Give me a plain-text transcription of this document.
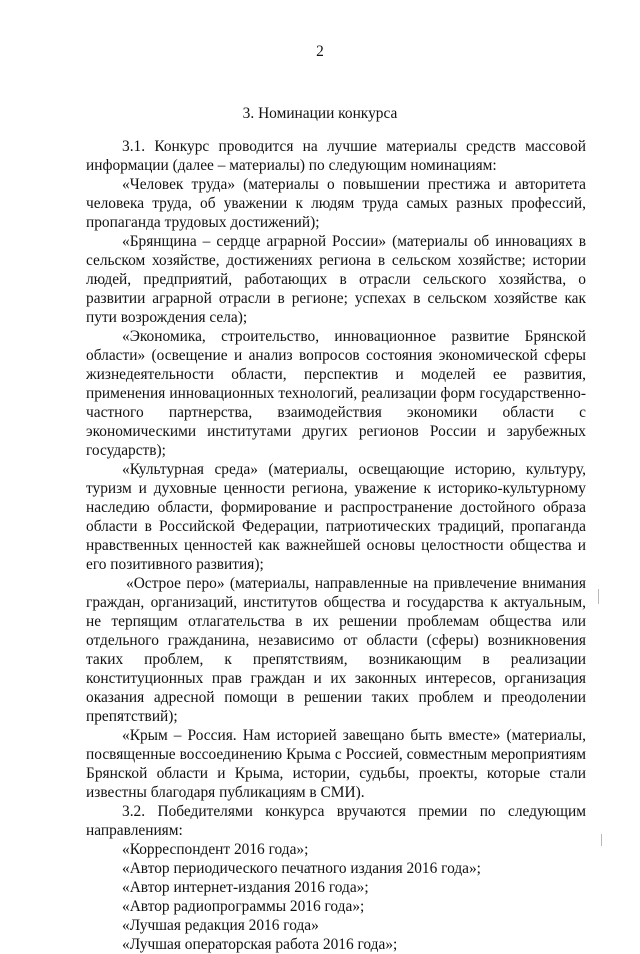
2
3. Номинации конкурса

3.1. Конкурс проводится на лучшие материалы средств массовой информации (далее – материалы) по следующим номинациям:

«Человек труда» (материалы о повышении престижа и авторитета человека труда, об уважении к людям труда самых разных профессий, пропаганда трудовых достижений);

«Брянщина – сердце аграрной России» (материалы об инновациях в сельском хозяйстве, достижениях региона в сельском хозяйстве; истории людей, предприятий, работающих в отрасли сельского хозяйства, о развитии аграрной отрасли в регионе; успехах в сельском хозяйстве как пути возрождения села);

«Экономика, строительство, инновационное развитие Брянской области» (освещение и анализ вопросов состояния экономической сферы жизнедеятельности области, перспектив и моделей ее развития, применения инновационных технологий, реализации форм государственно-частного партнерства, взаимодействия экономики области с экономическими институтами других регионов России и зарубежных государств);

«Культурная среда» (материалы, освещающие историю, культуру, туризм и духовные ценности региона, уважение к историко-культурному наследию области, формирование и распространение достойного образа области в Российской Федерации, патриотических традиций, пропаганда нравственных ценностей как важнейшей основы целостности общества и его позитивного развития);

«Острое перо» (материалы, направленные на привлечение внимания граждан, организаций, институтов общества и государства к актуальным, не терпящим отлагательства в их решении проблемам общества или отдельного гражданина, независимо от области (сферы) возникновения таких проблем, к препятствиям, возникающим в реализации конституционных прав граждан и их законных интересов, организация оказания адресной помощи в решении таких проблем и преодолении препятствий);

«Крым – Россия. Нам историей завещано быть вместе» (материалы, посвященные воссоединению Крыма с Россией, совместным мероприятиям Брянской области и Крыма, истории, судьбы, проекты, которые стали известны благодаря публикациям в СМИ).

3.2. Победителями конкурса вручаются премии по следующим направлениям:

«Корреспондент 2016 года»;

«Автор периодического печатного издания 2016 года»;

«Автор интернет-издания 2016 года»;

«Автор радиопрограммы 2016 года»;

«Лучшая редакция 2016 года»

«Лучшая операторская работа 2016 года»;
